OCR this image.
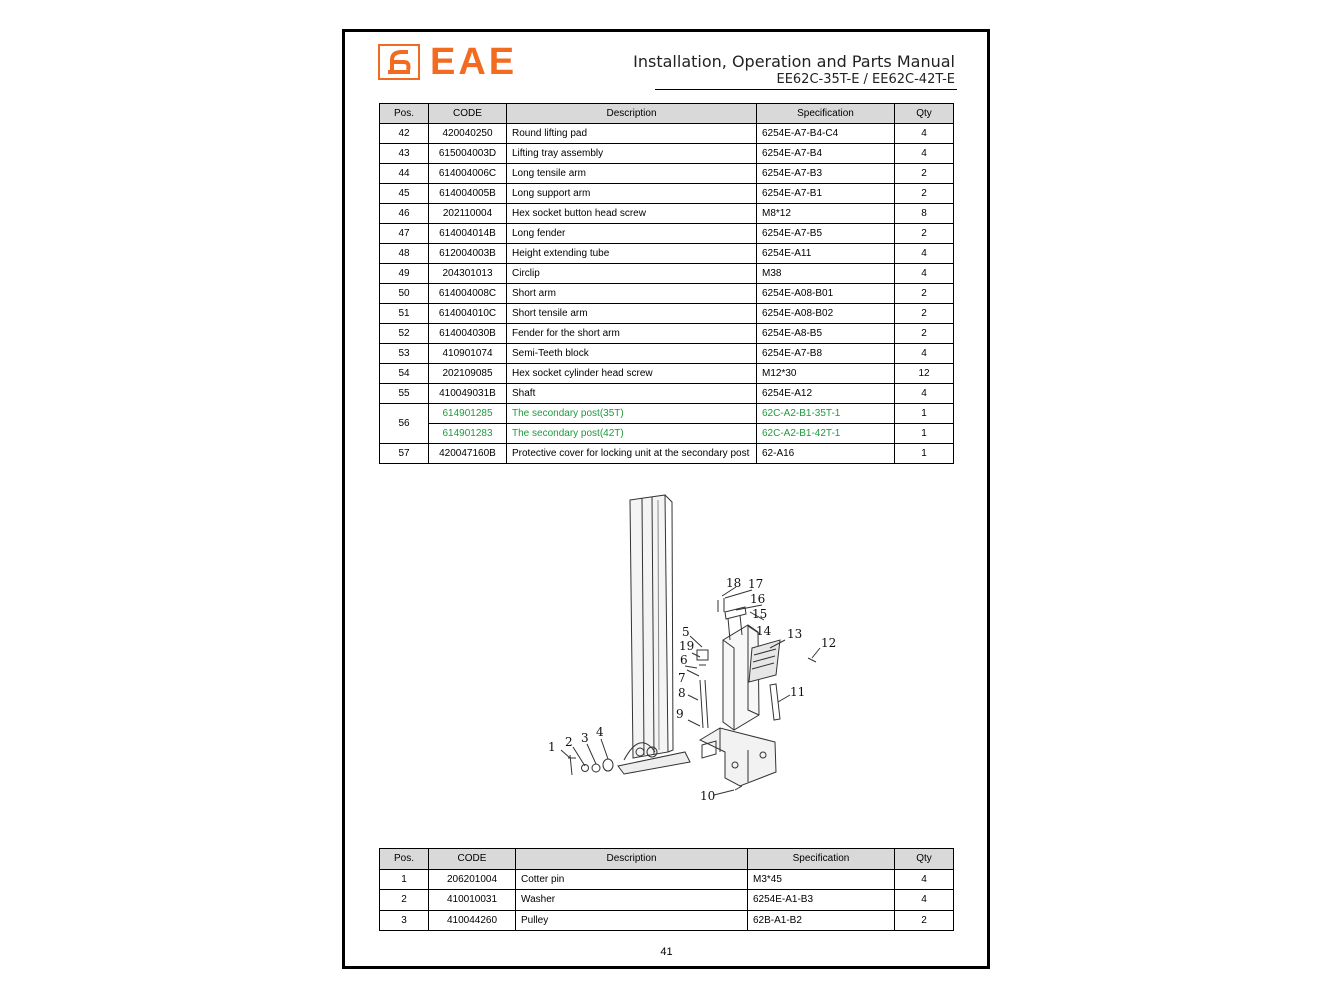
EAE	Installation, Operation and Parts Manual
EE62C-35T-E / EE62C-42T-E
Pos.	CODE	Description	Specification	Qty
42	420040250	Round lifting pad	6254E-A7-B4-C4	4
43	615004003D	Lifting tray assembly	6254E-A7-B4	4
44	614004006C	Long tensile arm	6254E-A7-B3	2
45	614004005B	Long support arm	6254E-A7-B1	2
46	202110004	Hex socket button head screw	M8*12	8
47	614004014B	Long fender	6254E-A7-B5	2
48	612004003B	Height extending tube	6254E-A11	4
49	204301013	Circlip	M38	4
50	614004008C	Short arm	6254E-A08-B01	2
51	614004010C	Short tensile arm	6254E-A08-B02	2
52	614004030B	Fender for the short arm	6254E-A8-B5	2
53	410901074	Semi-Teeth block	6254E-A7-B8	4
54	202109085	Hex socket cylinder head screw	M12*30	12
55	410049031B	Shaft	6254E-A12	4
56	614901285	The secondary post(35T)	62C-A2-B1-35T-1	1
	614901283	The secondary post(42T)	62C-A2-B1-42T-1	1
57	420047160B	Protective cover for locking unit at the secondary post	62-A16	1
1 2 3 4
5
6
7
8
9
10
11
12
13
14
15
16
17
18
19
Pos.	CODE	Description	Specification	Qty
1	206201004	Cotter pin	M3*45	4
2	410010031	Washer	6254E-A1-B3	4
3	410044260	Pulley	62B-A1-B2	2
41
